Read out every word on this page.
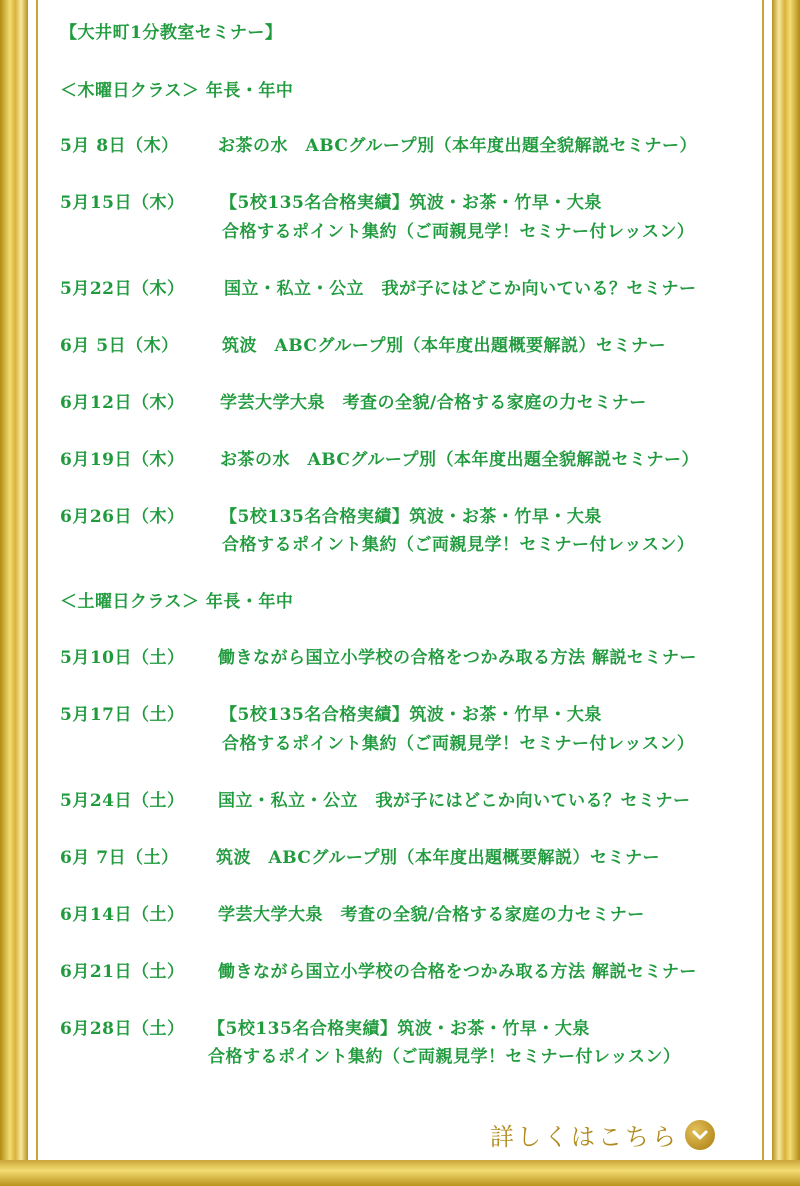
【大井町1分教室セミナー】
＜木曜日クラス＞ 年長・年中
5月 8日（木） お茶の水　ABCグループ別（本年度出題全貌解説セミナー）
5月15日（木） 【5校135名合格実績】筑波・お茶・竹早・大泉
合格するポイント集約（ご両親見学！セミナー付レッスン）
5月22日（木） 国立・私立・公立　我が子にはどこか向いている？セミナー
6月 5日（木）	筑波　ABCグループ別（本年度出題概要解説）セミナー
6月12日（木） 学芸大学大泉　考査の全貌/合格する家庭の力セミナー
6月19日（木） お茶の水　ABCグループ別（本年度出題全貌解説セミナー）
6月26日（木） 【5校135名合格実績】筑波・お茶・竹早・大泉
合格するポイント集約（ご両親見学！セミナー付レッスン）
＜土曜日クラス＞ 年長・年中
5月10日（土） 働きながら国立小学校の合格をつかみ取る方法 解説セミナー
5月17日（土） 【5校135名合格実績】筑波・お茶・竹早・大泉
合格するポイント集約（ご両親見学！セミナー付レッスン）
5月24日（土） 国立・私立・公立　我が子にはどこか向いている？セミナー
6月 7日（土） 筑波　ABCグループ別（本年度出題概要解説）セミナー
6月14日（土） 学芸大学大泉　考査の全貌/合格する家庭の力セミナー
6月21日（土） 働きながら国立小学校の合格をつかみ取る方法 解説セミナー
6月28日（土） 【5校135名合格実績】筑波・お茶・竹早・大泉
合格するポイント集約（ご両親見学！セミナー付レッスン）
詳しくはこちら
